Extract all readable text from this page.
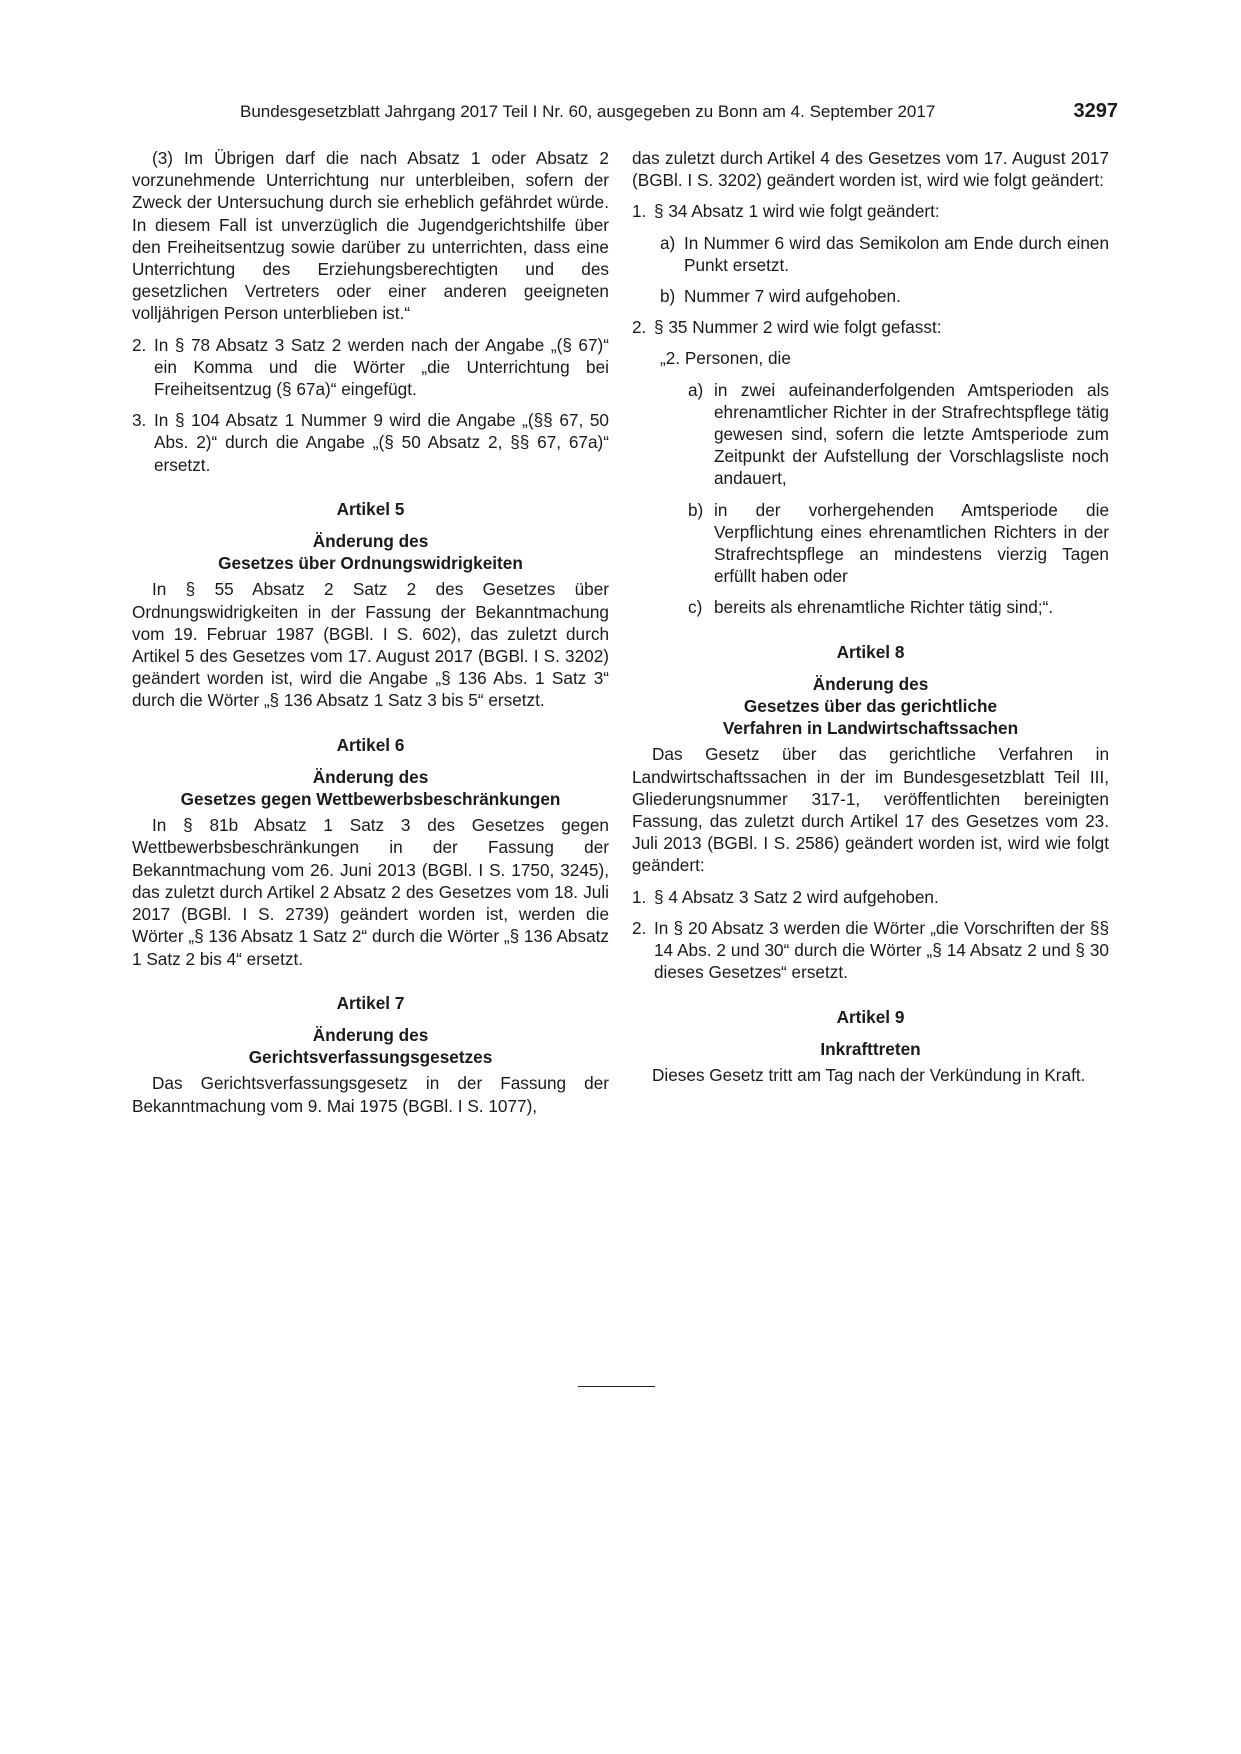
Bundesgesetzblatt Jahrgang 2017 Teil I Nr. 60, ausgegeben zu Bonn am 4. September 2017	3297

(3) Im Übrigen darf die nach Absatz 1 oder Absatz 2 vorzunehmende Unterrichtung nur unterbleiben, sofern der Zweck der Untersuchung durch sie erheblich gefährdet würde. In diesem Fall ist unverzüglich die Jugendgerichtshilfe über den Freiheitsentzug sowie darüber zu unterrichten, dass eine Unterrichtung des Erziehungsberechtigten und des gesetzlichen Vertreters oder einer anderen geeigneten volljährigen Person unterblieben ist.“

2. In § 78 Absatz 3 Satz 2 werden nach der Angabe „(§ 67)“ ein Komma und die Wörter „die Unterrichtung bei Freiheitsentzug (§ 67a)“ eingefügt.
3. In § 104 Absatz 1 Nummer 9 wird die Angabe „(§§ 67, 50 Abs. 2)“ durch die Angabe „(§ 50 Absatz 2, §§ 67, 67a)“ ersetzt.

Artikel 5

Änderung des

Gesetzes über Ordnungswidrigkeiten

In § 55 Absatz 2 Satz 2 des Gesetzes über Ordnungswidrigkeiten in der Fassung der Bekanntmachung vom 19. Februar 1987 (BGBl. I S. 602), das zuletzt durch Artikel 5 des Gesetzes vom 17. August 2017 (BGBl. I S. 3202) geändert worden ist, wird die Angabe „§ 136 Abs. 1 Satz 3“ durch die Wörter „§ 136 Absatz 1 Satz 3 bis 5“ ersetzt.

Artikel 6

Änderung des

Gesetzes gegen Wettbewerbsbeschränkungen

In § 81b Absatz 1 Satz 3 des Gesetzes gegen Wettbewerbsbeschränkungen in der Fassung der Bekanntmachung vom 26. Juni 2013 (BGBl. I S. 1750, 3245), das zuletzt durch Artikel 2 Absatz 2 des Gesetzes vom 18. Juli 2017 (BGBl. I S. 2739) geändert worden ist, werden die Wörter „§ 136 Absatz 1 Satz 2“ durch die Wörter „§ 136 Absatz 1 Satz 2 bis 4“ ersetzt.

Artikel 7

Änderung des

Gerichtsverfassungsgesetzes

Das Gerichtsverfassungsgesetz in der Fassung der Bekanntmachung vom 9. Mai 1975 (BGBl. I S. 1077),

das zuletzt durch Artikel 4 des Gesetzes vom 17. August 2017 (BGBl. I S. 3202) geändert worden ist, wird wie folgt geändert:

1. § 34 Absatz 1 wird wie folgt geändert:
a) In Nummer 6 wird das Semikolon am Ende durch einen Punkt ersetzt.
b) Nummer 7 wird aufgehoben.
2. § 35 Nummer 2 wird wie folgt gefasst:

„2. Personen, die

a) in zwei aufeinanderfolgenden Amtsperioden als ehrenamtlicher Richter in der Strafrechtspflege tätig gewesen sind, sofern die letzte Amtsperiode zum Zeitpunkt der Aufstellung der Vorschlagsliste noch andauert,
b) in der vorhergehenden Amtsperiode die Verpflichtung eines ehrenamtlichen Richters in der Strafrechtspflege an mindestens vierzig Tagen erfüllt haben oder
c) bereits als ehrenamtliche Richter tätig sind;“.

Artikel 8

Änderung des

Gesetzes über das gerichtliche

Verfahren in Landwirtschaftssachen

Das Gesetz über das gerichtliche Verfahren in Landwirtschaftssachen in der im Bundesgesetzblatt Teil III, Gliederungsnummer 317-1, veröffentlichten bereinigten Fassung, das zuletzt durch Artikel 17 des Gesetzes vom 23. Juli 2013 (BGBl. I S. 2586) geändert worden ist, wird wie folgt geändert:

1. § 4 Absatz 3 Satz 2 wird aufgehoben.
2. In § 20 Absatz 3 werden die Wörter „die Vorschriften der §§ 14 Abs. 2 und 30“ durch die Wörter „§ 14 Absatz 2 und § 30 dieses Gesetzes“ ersetzt.

Artikel 9

Inkrafttreten

Dieses Gesetz tritt am Tag nach der Verkündung in Kraft.
